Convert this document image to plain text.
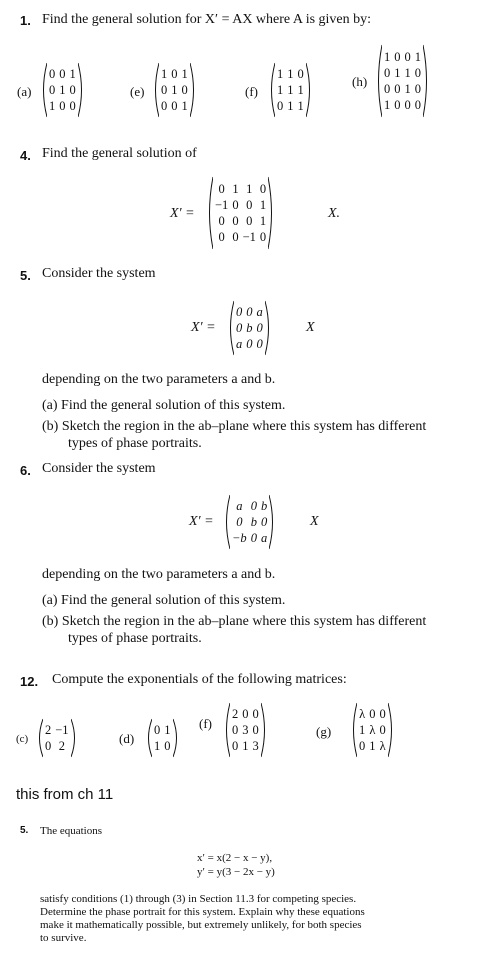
1. Find the general solution for X′ = AX where A is given by:
(a)
0 0 1
0 1 0
1 0 0
(e)
1 0 1
0 1 0
0 0 1
(f)
1 1 0
1 1 1
0 1 1
(h)
1 0 0 1
0 1 1 0
0 0 1 0
1 0 0 0
4. Find the general solution of
X′ =
0 1 1 0
−1 0 0 1
0 0 0 1
0 0 −1 0
X.
5. Consider the system
X′ =
0 0 a
0 b 0
a 0 0
X
depending on the two parameters a and b.
(a) Find the general solution of this system.
(b) Sketch the region in the ab–plane where this system has different
types of phase portraits.
6. Consider the system
X′ =
a 0 b
0 b 0
−b 0 a
X
depending on the two parameters a and b.
(a) Find the general solution of this system.
(b) Sketch the region in the ab–plane where this system has different
types of phase portraits.
12. Compute the exponentials of the following matrices:
(c)
2 −1
0 2	(d)
0 1
1 0
(f)
2 0 0
0 3 0
0 1 3
(g)
λ 0 0
1 λ 0
0 1 λ
this from ch 11
5. The equations
x′ = x(2 − x − y),
y′ = y(3 − 2x − y)
satisfy conditions (1) through (3) in Section 11.3 for competing species.
Determine the phase portrait for this system. Explain why these equations
make it mathematically possible, but extremely unlikely, for both species
to survive.
